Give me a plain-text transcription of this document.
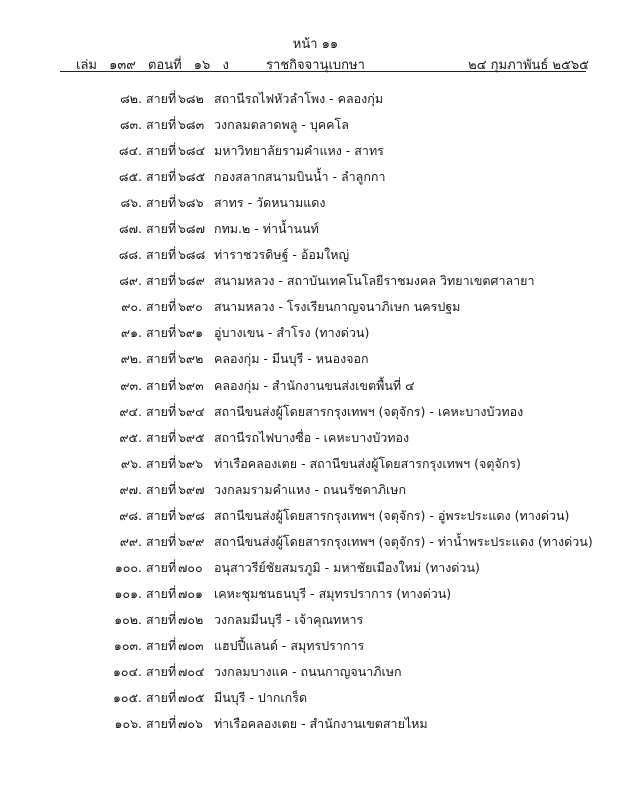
หน้า ๑๑
เล่ม ๑๓๙ ตอนที่ ๑๖ ง	ราชกิจจานุเบกษา	๒๔ กุมภาพันธ์ ๒๕๖๕
๘๒. สายที่ ๖๘๒ สถานีรถไฟหัวลำโพง - คลองกุ่ม
๘๓. สายที่ ๖๘๓ วงกลมตลาดพลู - บุคคโล
๘๔. สายที่ ๖๘๔ มหาวิทยาลัยรามคำแหง - สาทร
๘๕. สายที่ ๖๘๕ กองสลากสนามบินน้ำ - ลำลูกกา
๘๖. สายที่ ๖๘๖ สาทร - วัดหนามแดง
๘๗. สายที่ ๖๘๗ กทม.๒ - ท่าน้ำนนท์
๘๘. สายที่ ๖๘๘ ท่าราชวรดิษฐ์ - อ้อมใหญ่
๘๙. สายที่ ๖๘๙ สนามหลวง - สถาบันเทคโนโลยีราชมงคล วิทยาเขตศาลายา
๙๐. สายที่ ๖๙๐ สนามหลวง - โรงเรียนกาญจนาภิเษก นครปฐม
๙๑. สายที่ ๖๙๑ อู่บางเขน - สำโรง (ทางด่วน)
๙๒. สายที่ ๖๙๒ คลองกุ่ม - มีนบุรี - หนองจอก
๙๓. สายที่ ๖๙๓ คลองกุ่ม - สำนักงานขนส่งเขตพื้นที่ ๔
๙๔. สายที่ ๖๙๔ สถานีขนส่งผู้โดยสารกรุงเทพฯ (จตุจักร) - เคหะบางบัวทอง
๙๕. สายที่ ๖๙๕ สถานีรถไฟบางซื่อ - เคหะบางบัวทอง
๙๖. สายที่ ๖๙๖ ท่าเรือคลองเตย - สถานีขนส่งผู้โดยสารกรุงเทพฯ (จตุจักร)
๙๗. สายที่ ๖๙๗ วงกลมรามคำแหง - ถนนรัชดาภิเษก
๙๘. สายที่ ๖๙๘ สถานีขนส่งผู้โดยสารกรุงเทพฯ (จตุจักร) - อู่พระประแดง (ทางด่วน)
๙๙. สายที่ ๖๙๙ สถานีขนส่งผู้โดยสารกรุงเทพฯ (จตุจักร) - ท่าน้ำพระประแดง (ทางด่วน)
๑๐๐. สายที่ ๗๐๐ อนุสาวรีย์ชัยสมรภูมิ - มหาชัยเมืองใหม่ (ทางด่วน)
๑๐๑. สายที่ ๗๐๑ เคหะชุมชนธนบุรี - สมุทรปราการ (ทางด่วน)
๑๐๒. สายที่ ๗๐๒ วงกลมมีนบุรี - เจ้าคุณทหาร
๑๐๓. สายที่ ๗๐๓ แฮปปี้แลนด์ - สมุทรปราการ
๑๐๔. สายที่ ๗๐๔ วงกลมบางแค - ถนนกาญจนาภิเษก
๑๐๕. สายที่ ๗๐๕ มีนบุรี - ปากเกร็ด
๑๐๖. สายที่ ๗๐๖ ท่าเรือคลองเตย - สำนักงานเขตสายไหม
